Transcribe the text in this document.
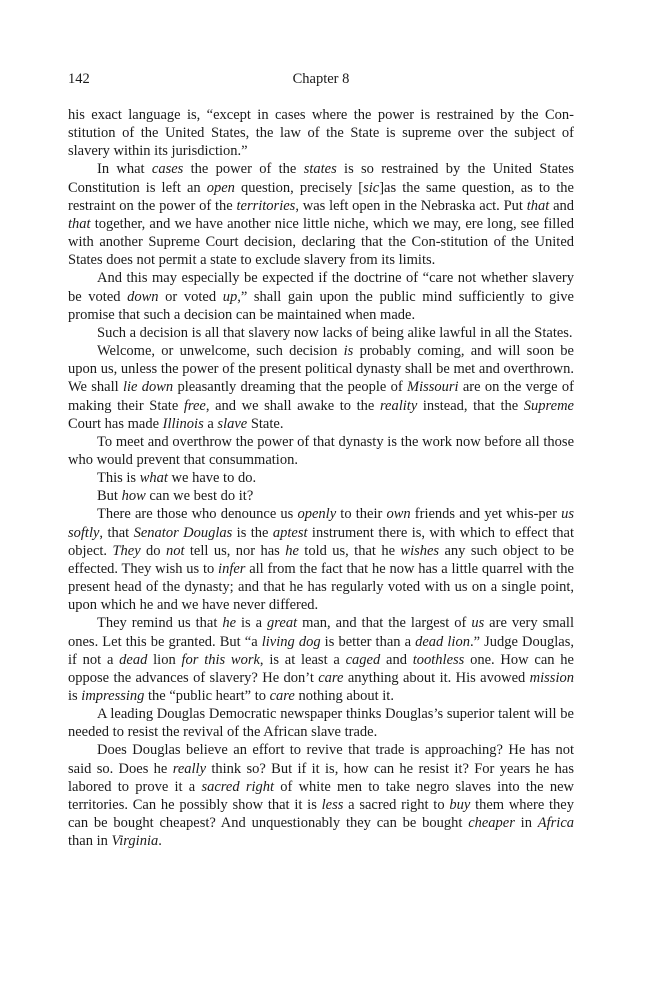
142	Chapter 8

his exact language is, “except in cases where the power is restrained by the Con-stitution of the United States, the law of the State is supreme over the subject of slavery within its jurisdiction.”

In what cases the power of the states is so restrained by the United States Constitution is left an open question, precisely [sic]as the same question, as to the restraint on the power of the territories, was left open in the Nebraska act. Put that and that together, and we have another nice little niche, which we may, ere long, see filled with another Supreme Court decision, declaring that the Con-stitution of the United States does not permit a state to exclude slavery from its limits.

And this may especially be expected if the doctrine of “care not whether slavery be voted down or voted up,” shall gain upon the public mind sufficiently to give promise that such a decision can be maintained when made.

Such a decision is all that slavery now lacks of being alike lawful in all the States.

Welcome, or unwelcome, such decision is probably coming, and will soon be upon us, unless the power of the present political dynasty shall be met and overthrown. We shall lie down pleasantly dreaming that the people of Missouri are on the verge of making their State free, and we shall awake to the reality instead, that the Supreme Court has made Illinois a slave State.

To meet and overthrow the power of that dynasty is the work now before all those who would prevent that consummation.

This is what we have to do.

But how can we best do it?

There are those who denounce us openly to their own friends and yet whis-per us softly, that Senator Douglas is the aptest instrument there is, with which to effect that object. They do not tell us, nor has he told us, that he wishes any such object to be effected. They wish us to infer all from the fact that he now has a little quarrel with the present head of the dynasty; and that he has regularly voted with us on a single point, upon which he and we have never differed.

They remind us that he is a great man, and that the largest of us are very small ones. Let this be granted. But “a living dog is better than a dead lion.” Judge Douglas, if not a dead lion for this work, is at least a caged and toothless one. How can he oppose the advances of slavery? He don’t care anything about it. His avowed mission is impressing the “public heart” to care nothing about it.

A leading Douglas Democratic newspaper thinks Douglas’s superior talent will be needed to resist the revival of the African slave trade.

Does Douglas believe an effort to revive that trade is approaching? He has not said so. Does he really think so? But if it is, how can he resist it? For years he has labored to prove it a sacred right of white men to take negro slaves into the new territories. Can he possibly show that it is less a sacred right to buy them where they can be bought cheapest? And unquestionably they can be bought cheaper in Africa than in Virginia.
